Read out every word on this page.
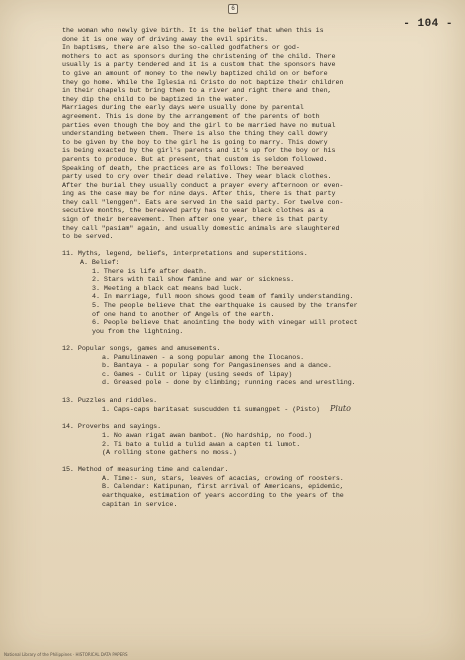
6
- 104 -
the woman who newly give birth. It is the belief that when this is
done it is one way of driving away the evil spirits.
In baptisms, there are also the so-called godfathers or god-
mothers to act as sponsors during the christening of the child. There
usually is a party tendered and it is a custom that the sponsors have
to give an amount of money to the newly baptized child on or before
they go home. While the Iglesia ni Cristo do not baptize their children
in their chapels but bring them to a river and right there and then,
they dip the child to be baptized in the water.
Marriages during the early days were usually done by parental
agreement. This is done by the arrangement of the parents of both
parties even though the boy and the girl to be married have no mutual
understanding between them. There is also the thing they call dowry
to be given by the boy to the girl he is going to marry. This dowry
is being exacted by the girl's parents and it's up for the boy or his
parents to produce. But at present, that custom is seldom followed.
Speaking of death, the practices are as follows: The bereaved
party used to cry over their dead relative. They wear black clothes.
After the burial they usually conduct a prayer every afternoon or even-
ing as the case may be for nine days. After this, there is that party
they call "lenggen". Eats are served in the said party. For twelve con-
secutive months, the bereaved party has to wear black clothes as a
sign of their bereavement. Then after one year, there is that party
they call "pasiam" again, and usually domestic animals are slaughtered
to be served.
11. Myths, legend, beliefs, interpretations and superstitions.
A. Belief:
1. There is life after death.
2. Stars with tail show famine and war or sickness.
3. Meeting a black cat means bad luck.
4. In marriage, full moon shows good team of family understanding.
5. The people believe that the earthquake is caused by the transfer
of one hand to another of Angels of the earth.
6. People believe that anointing the body with vinegar will protect
you from the lightning.
12. Popular songs, games and amusements.
a. Pamulinawen - a song popular among the Ilocanos.
b. Bantaya - a popular song for Pangasinenses and a dance.
c. Games - Culit or lipay (using seeds of lipay)
d. Greased pole - done by climbing; running races and wrestling.
13. Puzzles and riddles.
1. Caps-caps baritasat suscudden ti sumangpet - (Pisto) Pluto
14. Proverbs and sayings.
1. No awan rigat awan bambot. (No hardship, no food.)
2. Ti bato a tulid a tulid awan a capten ti lumot.
(A rolling stone gathers no moss.)
15. Method of measuring time and calendar.
A. Time:- sun, stars, leaves of acacias, crowing of roosters.
B. Calendar: Katipunan, first arrival of Americans, epidemic,
earthquake, estimation of years according to the years of the
capitan in service.
National Library of the Philippines · HISTORICAL DATA PAPERS
